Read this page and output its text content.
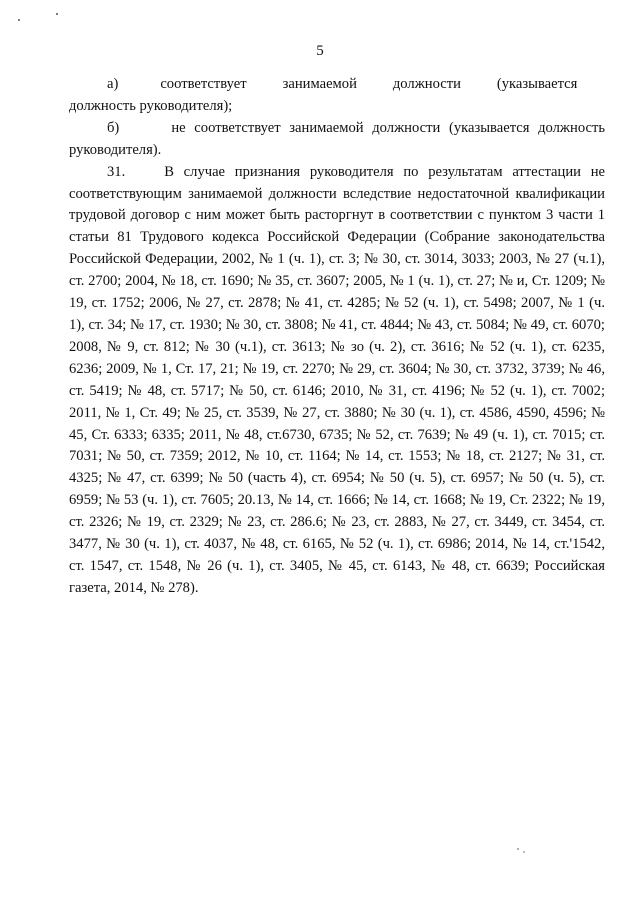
5

а)       соответствует      занимаемой      должности      (указывается      должность руководителя);

б)      не соответствует занимаемой должности (указывается должность руководителя).

31.    В случае признания руководителя по результатам аттестации не соответствующим занимаемой должности вследствие недостаточной квалификации трудовой договор с ним может быть расторгнут в соответствии с пунктом 3 части 1 статьи 81 Трудового кодекса Российской Федерации (Собрание законодательства Российской Федерации, 2002, № 1 (ч. 1), ст. 3; № 30, ст. 3014, 3033; 2003, № 27 (ч.1), ст. 2700; 2004, № 18, ст. 1690; № 35, ст. 3607; 2005, № 1 (ч. 1), ст. 27; № и, Ст. 1209; № 19, ст. 1752; 2006, № 27, ст. 2878; № 41, ст. 4285; № 52 (ч. 1), ст. 5498; 2007, № 1 (ч. 1), ст. 34; № 17, ст. 1930; № 30, ст. 3808; № 41, ст. 4844; № 43, ст. 5084; № 49, ст. 6070; 2008, № 9, ст. 812; № 30 (ч.1), ст. 3613; № зо (ч. 2), ст. 3616; № 52 (ч. 1), ст. 6235, 6236; 2009, № 1, Ст. 17, 21; № 19, ст. 2270; № 29, ст. 3604; № 30, ст. 3732, 3739; № 46, ст. 5419; № 48, ст. 5717; № 50, ст. 6146; 2010, № 31, ст. 4196; № 52 (ч. 1), ст. 7002; 2011, № 1, Ст. 49; № 25, ст. 3539, № 27, ст. 3880; № 30 (ч. 1), ст. 4586, 4590, 4596; № 45, Ст. 6333; 6335; 2011, № 48, ст.6730, 6735; № 52, ст. 7639; № 49 (ч. 1), ст. 7015; ст. 7031; № 50, ст. 7359; 2012, № 10, ст. 1164; № 14, ст. 1553; № 18, ст. 2127; № 31, ст. 4325; № 47, ст. 6399; № 50 (часть 4), ст. 6954; № 50 (ч. 5), ст. 6957; № 50 (ч. 5), ст. 6959; № 53 (ч. 1), ст. 7605; 20.13, № 14, ст. 1666; № 14, ст. 1668; № 19, Ст. 2322; № 19, ст. 2326; № 19, ст. 2329; № 23, ст. 286.6; № 23, ст. 2883, № 27, ст. 3449, ст. 3454, ст. 3477, № 30 (ч. 1), ст. 4037, № 48, ст. 6165, № 52 (ч. 1), ст. 6986; 2014, № 14, ст.'1542, ст. 1547, ст. 1548, № 26 (ч. 1), ст. 3405, № 45, ст. 6143, № 48, ст. 6639; Российская газета, 2014, № 278).
